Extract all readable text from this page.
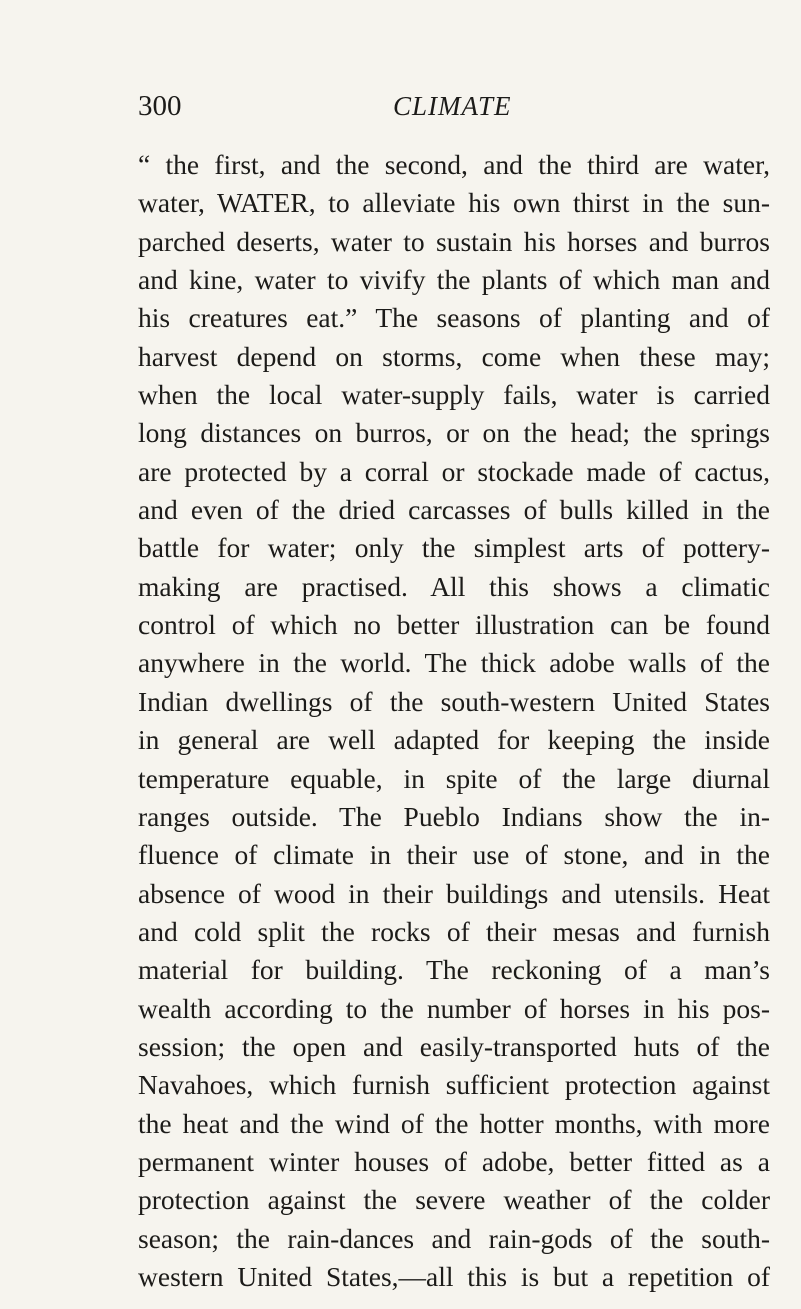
300	CLIMATE
“ the first, and the second, and the third are water,
water, WATER, to alleviate his own thirst in the sun-
parched deserts, water to sustain his horses and burros
and kine, water to vivify the plants of which man and
his creatures eat.” The seasons of planting and of
harvest depend on storms, come when these may;
when the local water-supply fails, water is carried
long distances on burros, or on the head; the springs
are protected by a corral or stockade made of cactus,
and even of the dried carcasses of bulls killed in the
battle for water; only the simplest arts of pottery-
making are practised. All this shows a climatic
control of which no better illustration can be found
anywhere in the world. The thick adobe walls of the
Indian dwellings of the south-western United States
in general are well adapted for keeping the inside
temperature equable, in spite of the large diurnal
ranges outside. The Pueblo Indians show the in-
fluence of climate in their use of stone, and in the
absence of wood in their buildings and utensils. Heat
and cold split the rocks of their mesas and furnish
material for building. The reckoning of a man’s
wealth according to the number of horses in his pos-
session; the open and easily-transported huts of the
Navahoes, which furnish sufficient protection against
the heat and the wind of the hotter months, with more
permanent winter houses of adobe, better fitted as a
protection against the severe weather of the colder
season; the rain-dances and rain-gods of the south-
western United States,—all this is but a repetition of
